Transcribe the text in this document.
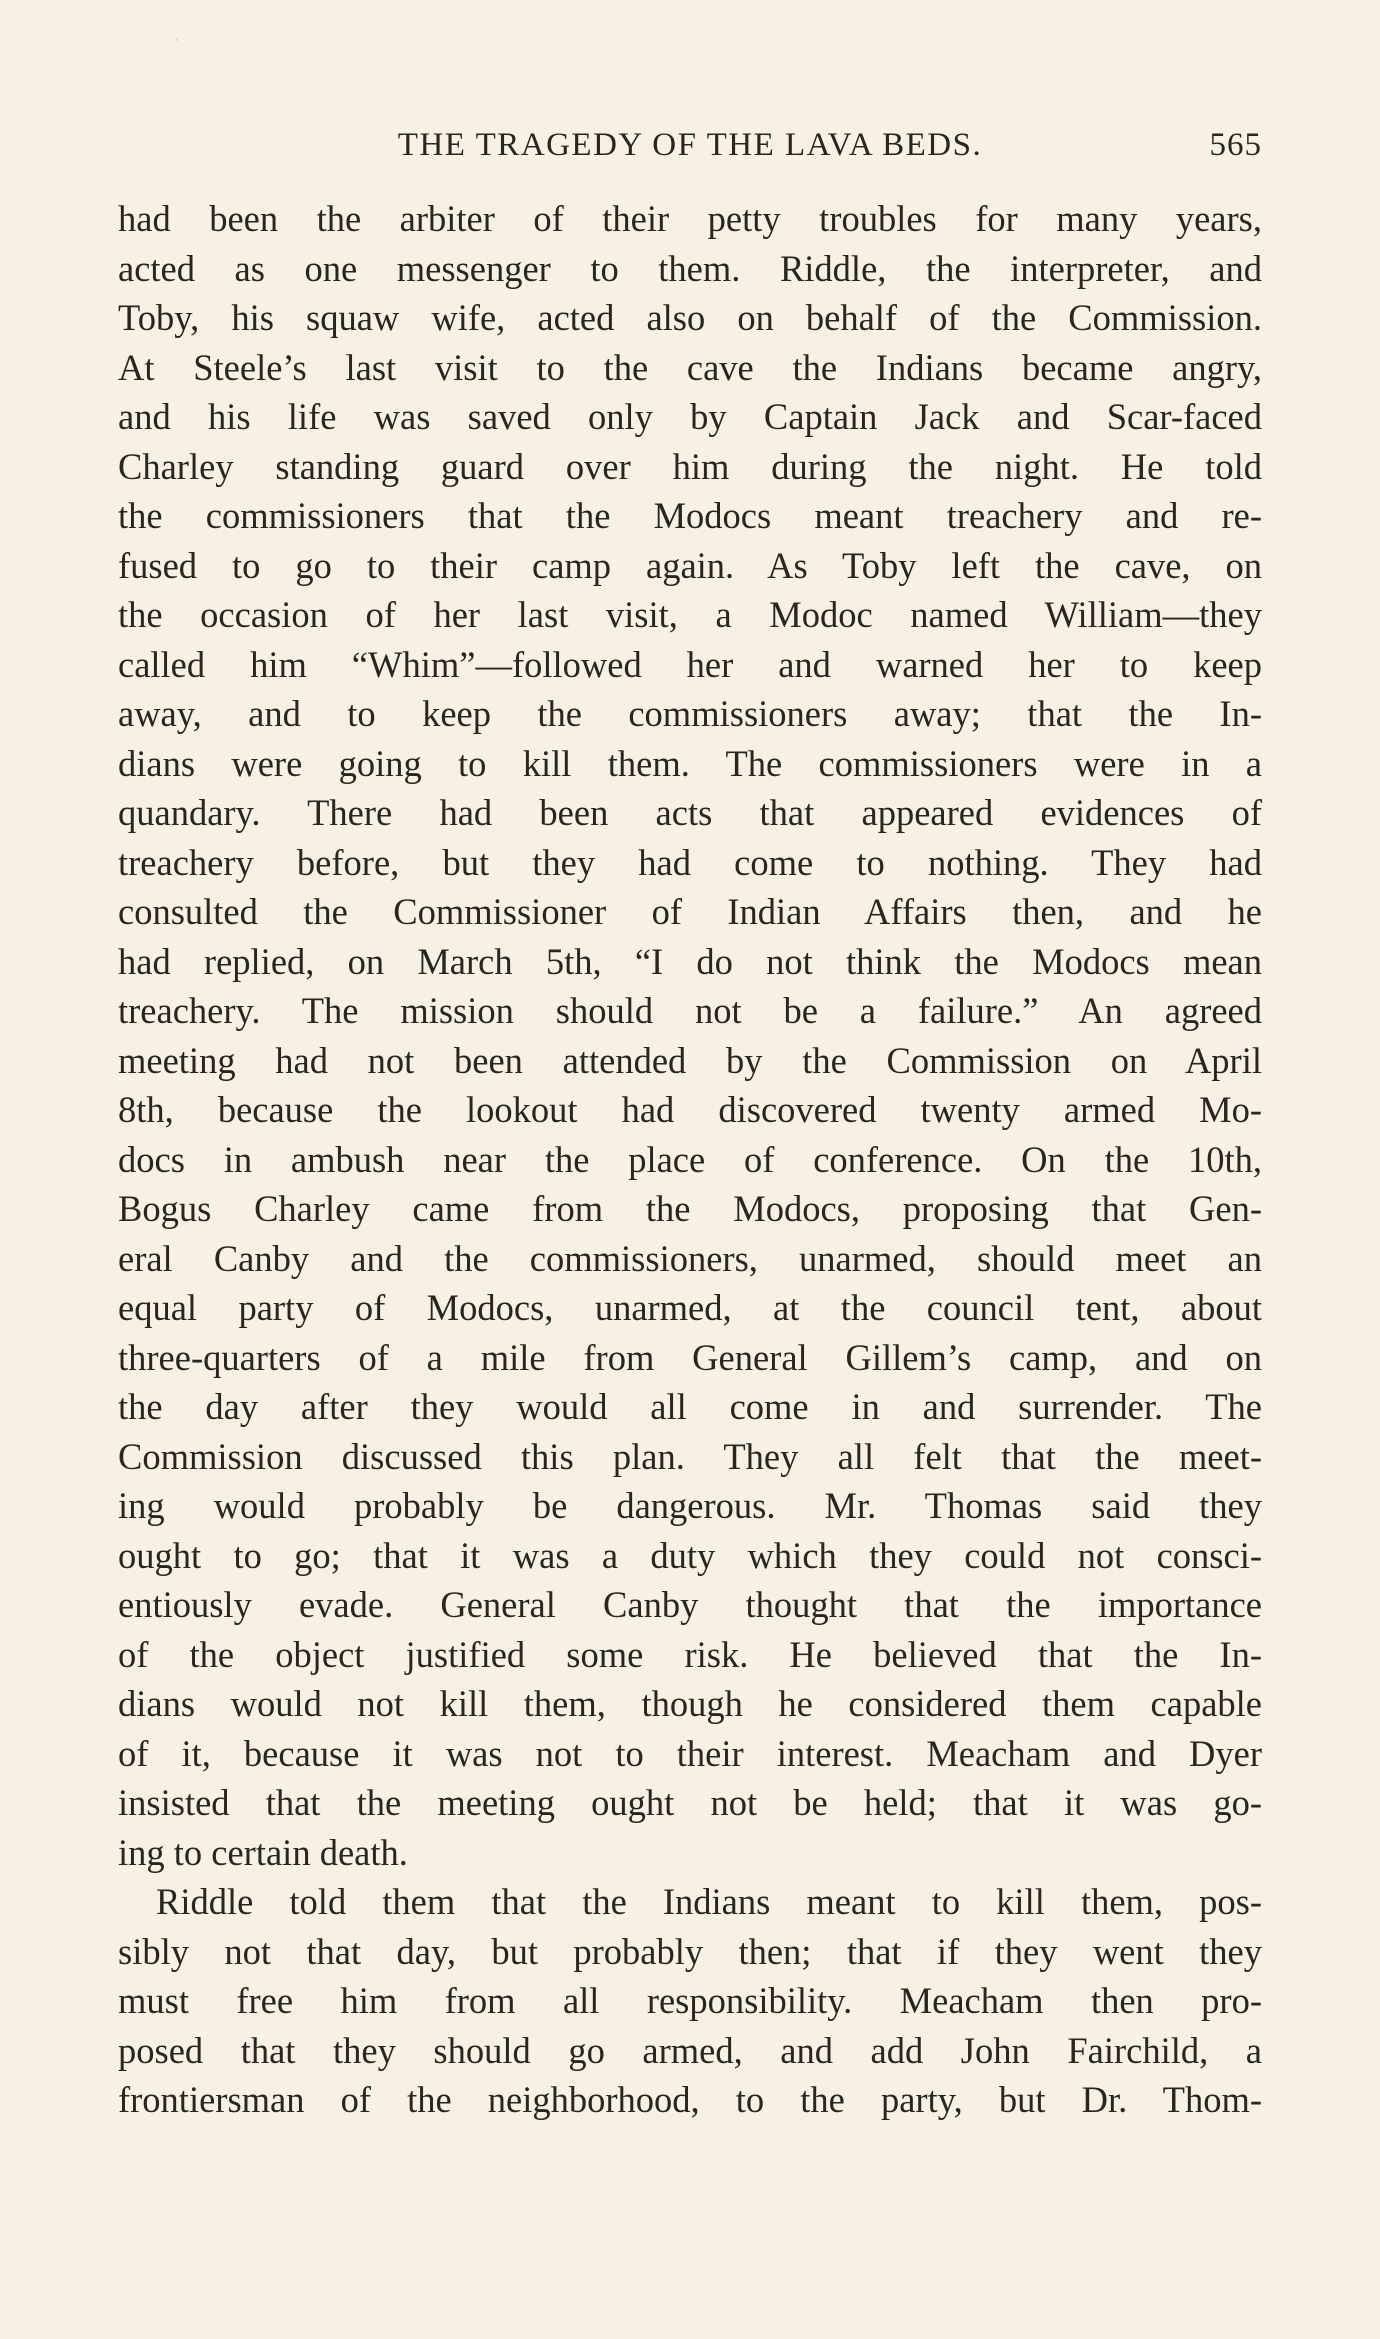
ʹ
THE TRAGEDY OF THE LAVA BEDS.	565
had been the arbiter of their petty troubles for many years,
acted as one messenger to them. Riddle, the interpreter, and
Toby, his squaw wife, acted also on behalf of the Commission.
At Steele’s last visit to the cave the Indians became angry,
and his life was saved only by Captain Jack and Scar-faced
Charley standing guard over him during the night. He told
the commissioners that the Modocs meant treachery and re-
fused to go to their camp again. As Toby left the cave, on
the occasion of her last visit, a Modoc named William—they
called him “Whim”—followed her and warned her to keep
away, and to keep the commissioners away; that the In-
dians were going to kill them. The commissioners were in a
quandary. There had been acts that appeared evidences of
treachery before, but they had come to nothing. They had
consulted the Commissioner of Indian Affairs then, and he
had replied, on March 5th, “I do not think the Modocs mean
treachery. The mission should not be a failure.” An agreed
meeting had not been attended by the Commission on April
8th, because the lookout had discovered twenty armed Mo-
docs in ambush near the place of conference. On the 10th,
Bogus Charley came from the Modocs, proposing that Gen-
eral Canby and the commissioners, unarmed, should meet an
equal party of Modocs, unarmed, at the council tent, about
three-quarters of a mile from General Gillem’s camp, and on
the day after they would all come in and surrender. The
Commission discussed this plan. They all felt that the meet-
ing would probably be dangerous. Mr. Thomas said they
ought to go; that it was a duty which they could not consci-
entiously evade. General Canby thought that the importance
of the object justified some risk. He believed that the In-
dians would not kill them, though he considered them capable
of it, because it was not to their interest. Meacham and Dyer
insisted that the meeting ought not be held; that it was go-
ing to certain death.
Riddle told them that the Indians meant to kill them, pos-
sibly not that day, but probably then; that if they went they
must free him from all responsibility. Meacham then pro-
posed that they should go armed, and add John Fairchild, a
frontiersman of the neighborhood, to the party, but Dr. Thom-
